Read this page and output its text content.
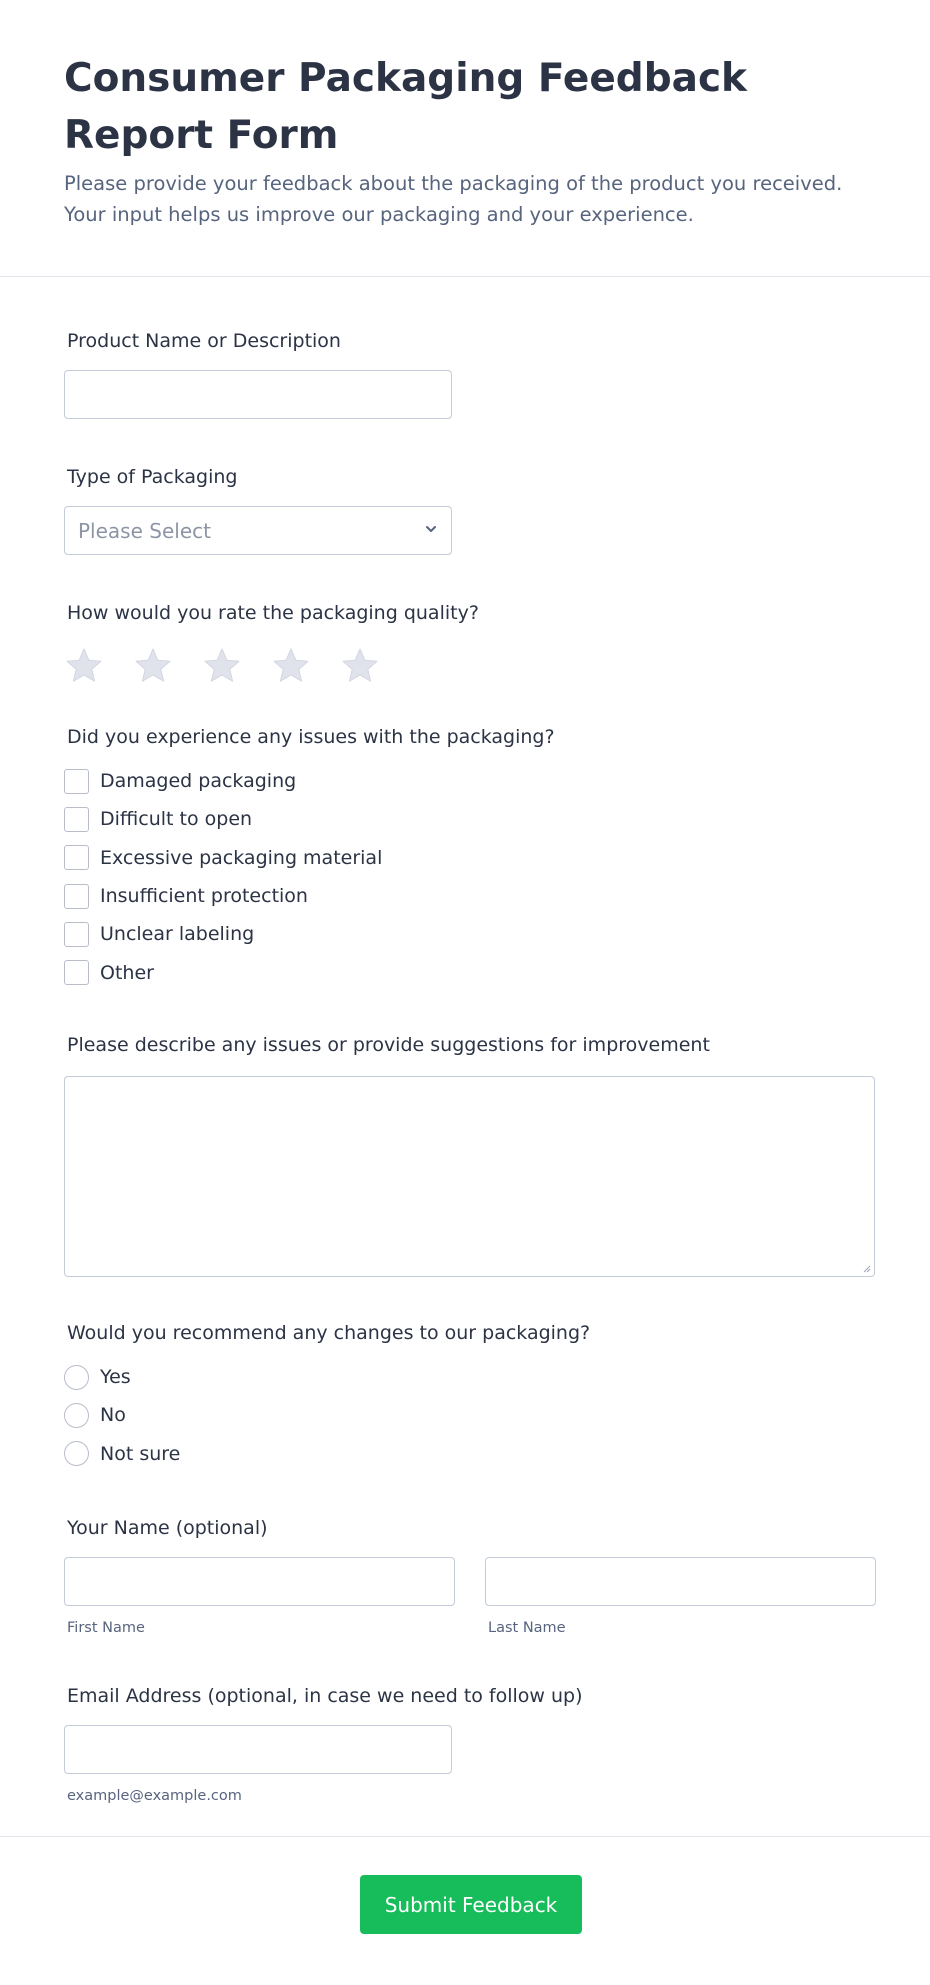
Consumer Packaging Feedback Report Form

Please provide your feedback about the packaging of the product you received. Your input helps us improve our packaging and your experience.

Product Name or Description
Type of Packaging
Please Select
How would you rate the packaging quality?
Did you experience any issues with the packaging?
Damaged packaging
Difficult to open
Excessive packaging material
Insufficient protection
Unclear labeling
Other
Please describe any issues or provide suggestions for improvement
Would you recommend any changes to our packaging?
Yes
No
Not sure
Your Name (optional)
First Name	Last Name
Email Address (optional, in case we need to follow up)
example@example.com
Submit Feedback
